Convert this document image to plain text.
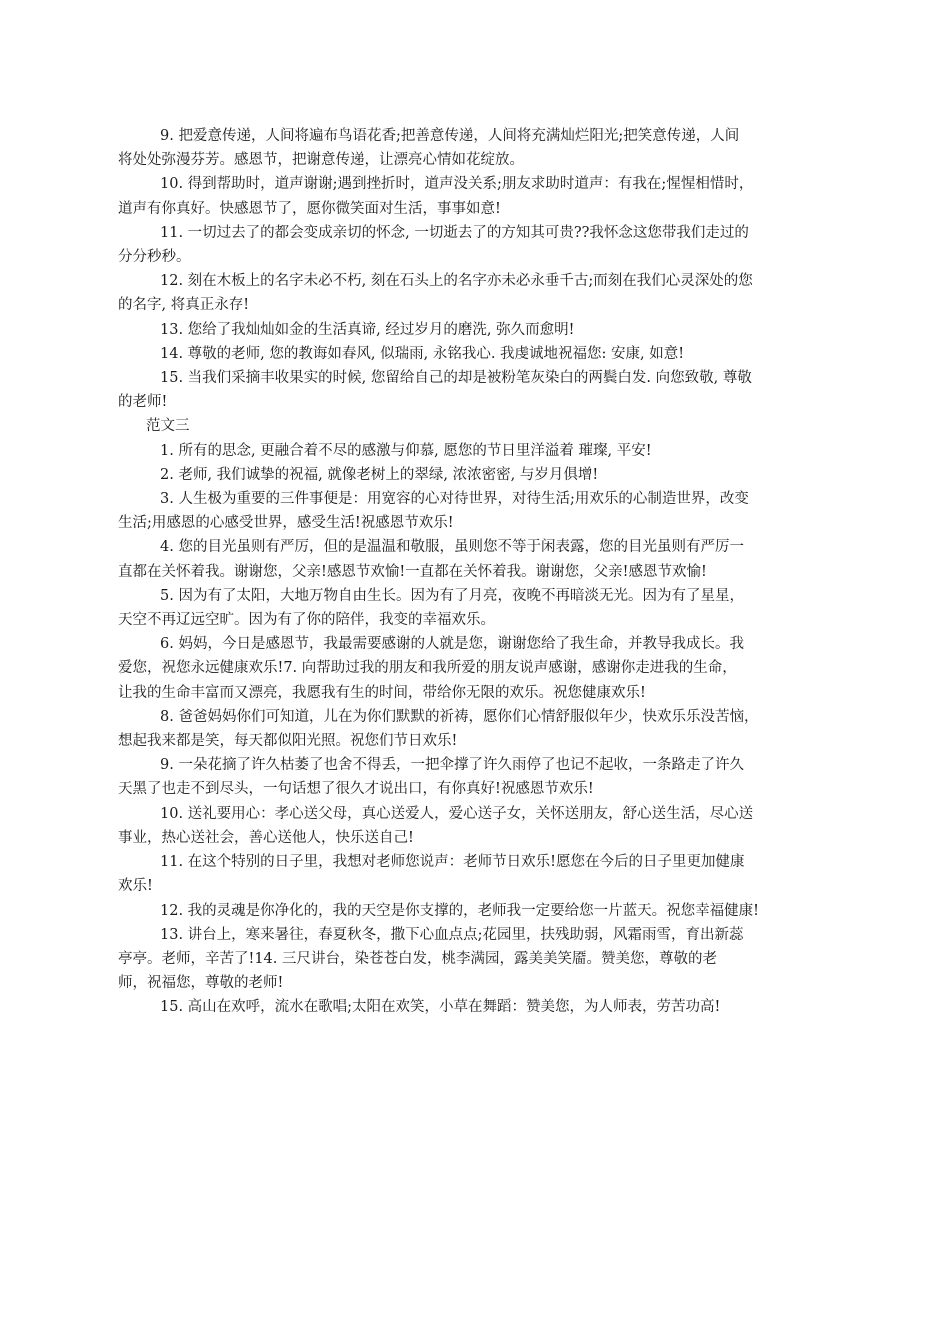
9. 把爱意传递，人间将遍布鸟语花香;把善意传递，人间将充满灿烂阳光;把笑意传递，人间

将处处弥漫芬芳。感恩节，把谢意传递，让漂亮心情如花绽放。

10. 得到帮助时，道声谢谢;遇到挫折时，道声没关系;朋友求助时道声：有我在;惺惺相惜时，

道声有你真好。快感恩节了，愿你微笑面对生活，事事如意!

11. 一切过去了的都会变成亲切的怀念, 一切逝去了的方知其可贵??我怀念这您带我们走过的

分分秒秒。

12. 刻在木板上的名字未必不朽, 刻在石头上的名字亦未必永垂千古;而刻在我们心灵深处的您

的名字, 将真正永存!

13. 您给了我灿灿如金的生活真谛, 经过岁月的磨洗, 弥久而愈明!

14. 尊敬的老师, 您的教诲如春风, 似瑞雨, 永铭我心. 我虔诚地祝福您: 安康, 如意!

15. 当我们采摘丰收果实的时候, 您留给自己的却是被粉笔灰染白的两鬓白发. 向您致敬, 尊敬

的老师!

范文三

1. 所有的思念, 更融合着不尽的感激与仰慕, 愿您的节日里洋溢着 璀璨, 平安!

2. 老师, 我们诚挚的祝福, 就像老树上的翠绿, 浓浓密密, 与岁月俱增!

3. 人生极为重要的三件事便是：用宽容的心对待世界，对待生活;用欢乐的心制造世界，改变

生活;用感恩的心感受世界，感受生活!祝感恩节欢乐!

4. 您的目光虽则有严厉，但的是温温和敬服，虽则您不等于闲表露，您的目光虽则有严厉一

直都在关怀着我。谢谢您，父亲!感恩节欢愉!一直都在关怀着我。谢谢您，父亲!感恩节欢愉!

5. 因为有了太阳，大地万物自由生长。因为有了月亮，夜晚不再暗淡无光。因为有了星星，

天空不再辽远空旷。因为有了你的陪伴，我变的幸福欢乐。

6. 妈妈，今日是感恩节，我最需要感谢的人就是您，谢谢您给了我生命，并教导我成长。我

爱您，祝您永远健康欢乐!7. 向帮助过我的朋友和我所爱的朋友说声感谢，感谢你走进我的生命，

让我的生命丰富而又漂亮，我愿我有生的时间，带给你无限的欢乐。祝您健康欢乐!

8. 爸爸妈妈你们可知道，儿在为你们默默的祈祷，愿你们心情舒服似年少，快欢乐乐没苦恼，

想起我来都是笑，每天都似阳光照。祝您们节日欢乐!

9. 一朵花摘了许久枯萎了也舍不得丢，一把伞撑了许久雨停了也记不起收，一条路走了许久

天黑了也走不到尽头，一句话想了很久才说出口，有你真好!祝感恩节欢乐!

10. 送礼要用心：孝心送父母，真心送爱人，爱心送子女，关怀送朋友，舒心送生活，尽心送

事业，热心送社会，善心送他人，快乐送自己!

11. 在这个特别的日子里，我想对老师您说声：老师节日欢乐!愿您在今后的日子里更加健康

欢乐!

12. 我的灵魂是你净化的，我的天空是你支撑的，老师我一定要给您一片蓝天。祝您幸福健康!

13. 讲台上，寒来暑往，春夏秋冬，撒下心血点点;花园里，扶残助弱，风霜雨雪，育出新蕊

亭亭。老师，辛苦了!14. 三尺讲台，染苍苍白发，桃李满园，露美美笑靥。赞美您，尊敬的老

师，祝福您，尊敬的老师!

15. 高山在欢呼，流水在歌唱;太阳在欢笑，小草在舞蹈：赞美您，为人师表，劳苦功高!
